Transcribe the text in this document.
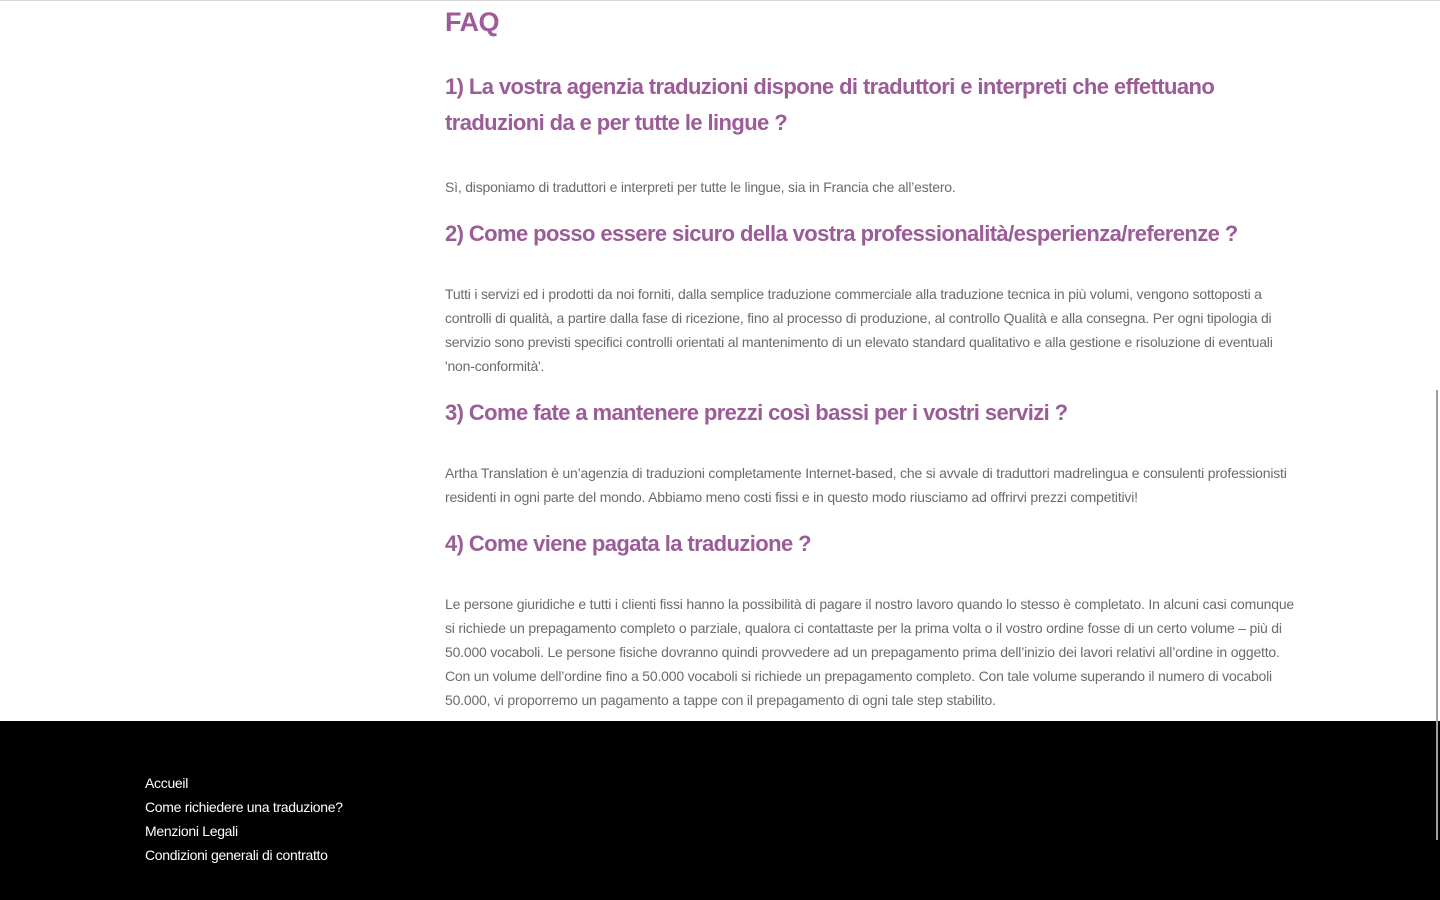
FAQ
1) La vostra agenzia traduzioni dispone di traduttori e interpreti che effettuano traduzioni da e per tutte le lingue ?

Sì, disponiamo di traduttori e interpreti per tutte le lingue, sia in Francia che all’estero.

2) Come posso essere sicuro della vostra professionalità/esperienza/referenze ?

Tutti i servizi ed i prodotti da noi forniti, dalla semplice traduzione commerciale alla traduzione tecnica in più volumi, vengono sottoposti a controlli di qualità, a partire dalla fase di ricezione, fino al processo di produzione, al controllo Qualità e alla consegna. Per ogni tipologia di servizio sono previsti specifici controlli orientati al mantenimento di un elevato standard qualitativo e alla gestione e risoluzione di eventuali 'non-conformità'.

3) Come fate a mantenere prezzi così bassi per i vostri servizi ?

Artha Translation è un’agenzia di traduzioni completamente Internet-based, che si avvale di traduttori madrelingua e consulenti professionisti residenti in ogni parte del mondo. Abbiamo meno costi fissi e in questo modo riusciamo ad offrirvi prezzi competitivi!

4) Come viene pagata la traduzione ?

Le persone giuridiche e tutti i clienti fissi hanno la possibilità di pagare il nostro lavoro quando lo stesso è completato. In alcuni casi comunque si richiede un prepagamento completo o parziale, qualora ci contattaste per la prima volta o il vostro ordine fosse di un certo volume – più di 50.000 vocaboli. Le persone fisiche dovranno quindi provvedere ad un prepagamento prima dell’inizio dei lavori relativi all’ordine in oggetto. Con un volume dell’ordine fino a 50.000 vocaboli si richiede un prepagamento completo. Con tale volume superando il numero di vocaboli 50.000, vi proporremo un pagamento a tappe con il prepagamento di ogni tale step stabilito.

Accueil
Come richiedere una traduzione?
Menzioni Legali
Condizioni generali di contratto
